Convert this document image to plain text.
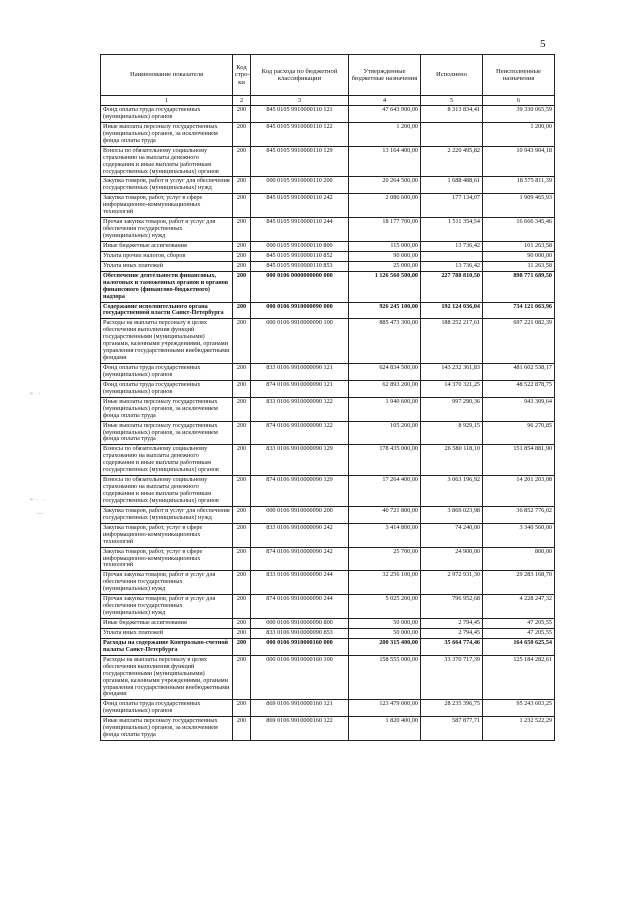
5
≈ ·:
≈·· ·.
·~·
Наименование показателя	Код стро-ки	Код расхода по бюджетной классификации	Утвержденные бюджетные назначения	Исполнено	Неисполненные назначения
1	2	3	4	5	6
Фонд оплаты труда государственных (муниципальных) органов	200	845 0105 9910000110 121	47 643 900,00	8 313 834,41	39 330 065,59
Иные выплаты персоналу государственных (муниципальных) органов, за исключением фонда оплаты труда	200	845 0105 9910000110 122	1 200,00		1 200,00
Взносы по обязательному социальному страхованию на выплаты денежного содержания и иные выплаты работникам государственных (муниципальных) органов	200	845 0105 9910000110 129	13 164 400,00	2 220 495,82	10 943 904,18
Закупка товаров, работ и услуг для обеспечения государственных (муниципальных) нужд	200	000 0105 9910000110 200	20 264 500,00	1 688 488,61	18 575 811,39
Закупка товаров, работ, услуг в сфере информационно-коммуникационных технологий	200	845 0105 9910000110 242	2 086 600,00	177 134,07	1 909 465,93
Прочая закупка товаров, работ и услуг для обеспечения государственных (муниципальных) нужд	200	845 0105 9910000110 244	18 177 700,00	1 511 354,54	16 666 345,46
Иные бюджетные ассигнования	200	000 0105 9910000110 800	115 000,00	13 736,42	101 263,58
Уплата прочих налогов, сборов	200	845 0105 9910000110 852	90 000,00		90 000,00
Уплата иных платежей	200	845 0105 9910000110 853	25 000,00	13 736,42	11 263,58
Обеспечение деятельности финансовых, налоговых и таможенных органов и органов финансового (финансово-бюджетного) надзора	200	000 0106 0000000000 000	1 126 560 500,00	227 788 810,50	898 771 689,50
Содержание исполнительного органа государственной власти Санкт-Петербурга	200	000 0106 9910000090 000	926 245 100,00	192 124 036,04	734 121 063,96
Расходы на выплаты персоналу в целях обеспечения выполнения функций государственными (муниципальными) органами, казенными учреждениями, органами управления государственными внебюджетными фондами	200	000 0106 9910000090 100	885 473 300,00	188 252 217,61	697 221 082,39
Фонд оплаты труда государственных (муниципальных) органов	200	833 0106 9910000090 121	624 834 500,00	143 232 361,83	481 602 538,17
Фонд оплаты труда государственных (муниципальных) органов	200	874 0106 9910000090 121	62 893 200,00	14 370 321,25	48 522 878,75
Иные выплаты персоналу государственных (муниципальных) органов, за исключением фонда оплаты труда	200	833 0106 9910000090 122	1 940 600,00	997 290,36	943 309,64
Иные выплаты персоналу государственных (муниципальных) органов, за исключением фонда оплаты труда	200	874 0106 9910000090 122	105 200,00	8 929,15	96 270,85
Взносы по обязательному социальному страхованию на выплаты денежного содержания и иные выплаты работникам государственных (муниципальных) органов	200	833 0106 9910000090 129	178 435 000,00	26 580 118,10	151 854 881,90
Взносы по обязательному социальному страхованию на выплаты денежного содержания и иные выплаты работникам государственных (муниципальных) органов	200	874 0106 9910000090 129	17 264 400,00	3 063 196,92	14 201 203,08
Закупка товаров, работ и услуг для обеспечения государственных (муниципальных) нужд	200	000 0106 9910000090 200	40 721 800,00	3 869 023,98	36 852 776,02
Закупка товаров, работ, услуг в сфере информационно-коммуникационных технологий	200	833 0106 9910000090 242	3 414 800,00	74 240,00	3 340 560,00
Закупка товаров, работ, услуг в сфере информационно-коммуникационных технологий	200	874 0106 9910000090 242	25 700,00	24 900,00	800,00
Прочая закупка товаров, работ и услуг для обеспечения государственных (муниципальных) нужд	200	833 0106 9910000090 244	32 256 100,00	2 972 931,30	29 283 168,70
Прочая закупка товаров, работ и услуг для обеспечения государственных (муниципальных) нужд	200	874 0106 9910000090 244	5 025 200,00	796 952,68	4 228 247,32
Иные бюджетные ассигнования	200	000 0106 9910000090 800	50 000,00	2 794,45	47 205,55
Уплата иных платежей	200	833 0106 9910000090 853	50 000,00	2 794,45	47 205,55
Расходы на содержание Контрольно-счетной палаты Санкт-Петербурга	200	000 0106 9910000160 000	200 315 400,00	35 664 774,46	164 650 625,54
Расходы на выплаты персоналу в целях обеспечения выполнения функций государственными (муниципальными) органами, казенными учреждениями, органами управления государственными внебюджетными фондами	200	000 0106 9910000160 100	158 555 000,00	33 370 717,39	125 184 282,61
Фонд оплаты труда государственных (муниципальных) органов	200	869 0106 9910000160 121	123 479 000,00	28 235 396,75	95 243 603,25
Иные выплаты персоналу государственных (муниципальных) органов, за исключением фонда оплаты труда	200	869 0106 9910000160 122	1 820 400,00	587 877,71	1 232 522,29
